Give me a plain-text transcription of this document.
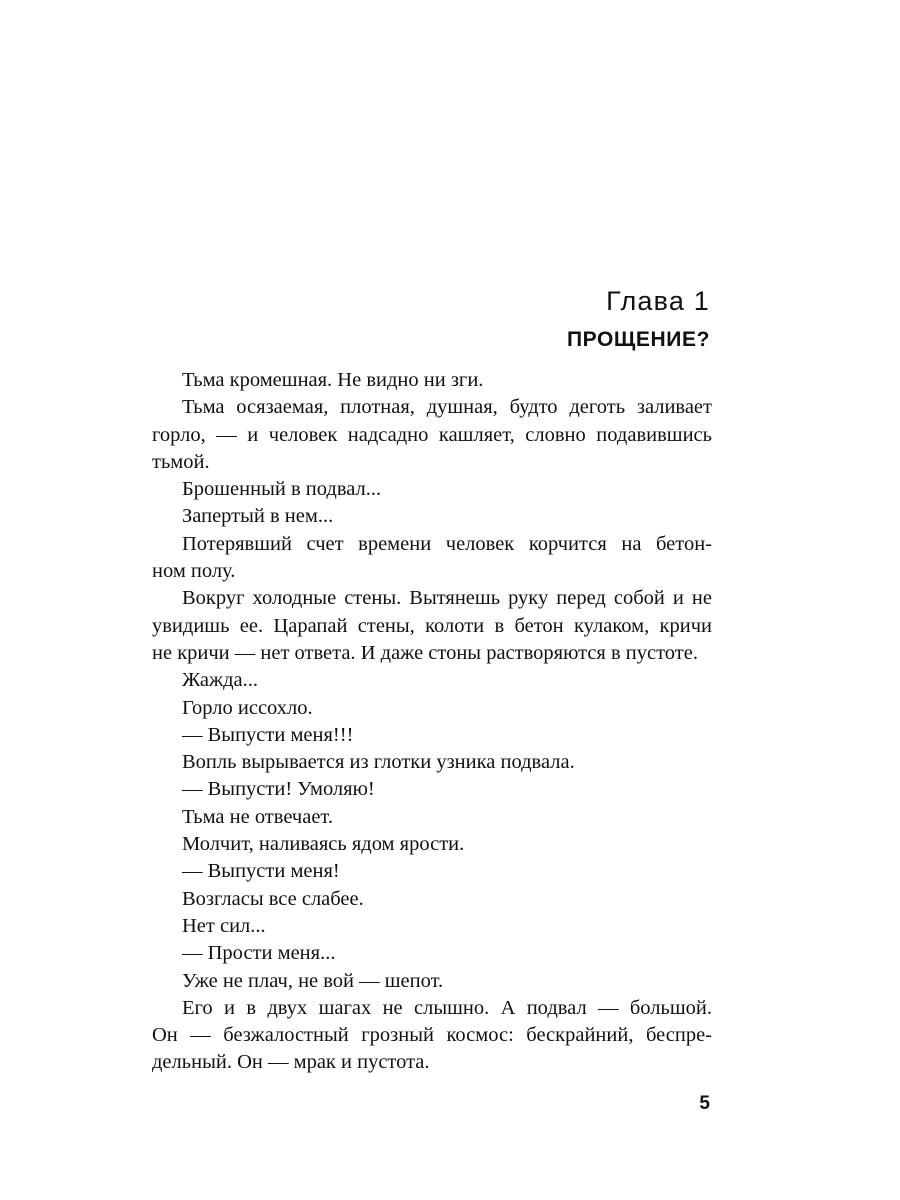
Глава 1
ПРОЩЕНИЕ?
Тьма кромешная. Не видно ни зги.
Тьма осязаемая, плотная, душная, будто деготь заливает
горло, — и человек надсадно кашляет, словно подавившись
тьмой.
Брошенный в подвал...
Запертый в нем...
Потерявший счет времени человек корчится на бетон-
ном полу.
Вокруг холодные стены. Вытянешь руку перед собой и не
увидишь ее. Царапай стены, колоти в бетон кулаком, кричи
не кричи — нет ответа. И даже стоны растворяются в пустоте.
Жажда...
Горло иссохло.
— Выпусти меня!!!
Вопль вырывается из глотки узника подвала.
— Выпусти! Умоляю!
Тьма не отвечает.
Молчит, наливаясь ядом ярости.
— Выпусти меня!
Возгласы все слабее.
Нет сил...
— Прости меня...
Уже не плач, не вой — шепот.
Его и в двух шагах не слышно. А подвал — большой.
Он — безжалостный грозный космос: бескрайний, беспре-
дельный. Он — мрак и пустота.
5
